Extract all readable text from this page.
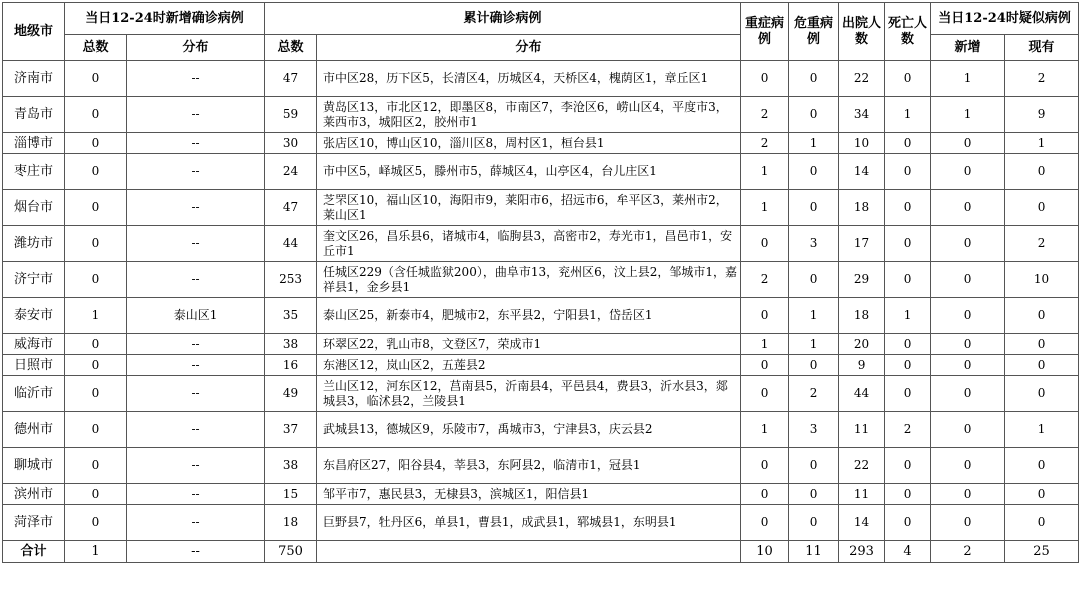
地级市	当日12-24时新增确诊病例		累计确诊病例		重症病例	危重病例	出院人数	死亡人数	当日12-24时疑似病例	
	总数	分布	总数	分布					新增	现有
济南市	0	--	47	市中区28，历下区5，长清区4，历城区4，天桥区4，槐荫区1，章丘区1	0	0	22	0	1	2
青岛市	0	--	59	黄岛区13，市北区12，即墨区8，市南区7，李沧区6，崂山区4，平度市3，莱西市3，城阳区2，胶州市1	2	0	34	1	1	9
淄博市	0	--	30	张店区10，博山区10，淄川区8，周村区1，桓台县1	2	1	10	0	0	1
枣庄市	0	--	24	市中区5，峄城区5，滕州市5，薛城区4，山亭区4，台儿庄区1	1	0	14	0	0	0
烟台市	0	--	47	芝罘区10，福山区10，海阳市9，莱阳市6，招远市6，牟平区3，莱州市2，莱山区1	1	0	18	0	0	0
潍坊市	0	--	44	奎文区26，昌乐县6，诸城市4，临朐县3，高密市2，寿光市1，昌邑市1，安丘市1	0	3	17	0	0	2
济宁市	0	--	253	任城区229（含任城监狱200），曲阜市13，兖州区6，汶上县2，邹城市1，嘉祥县1，金乡县1	2	0	29	0	0	10
泰安市	1	泰山区1	35	泰山区25，新泰市4，肥城市2，东平县2，宁阳县1，岱岳区1	0	1	18	1	0	0
威海市	0	--	38	环翠区22，乳山市8，文登区7，荣成市1	1	1	20	0	0	0
日照市	0	--	16	东港区12，岚山区2，五莲县2	0	0	9	0	0	0
临沂市	0	--	49	兰山区12，河东区12，莒南县5，沂南县4，平邑县4，费县3，沂水县3，郯城县3，临沭县2，兰陵县1	0	2	44	0	0	0
德州市	0	--	37	武城县13，德城区9，乐陵市7，禹城市3，宁津县3，庆云县2	1	3	11	2	0	1
聊城市	0	--	38	东昌府区27，阳谷县4，莘县3，东阿县2，临清市1，冠县1	0	0	22	0	0	0
滨州市	0	--	15	邹平市7，惠民县3，无棣县3，滨城区1，阳信县1	0	0	11	0	0	0
菏泽市	0	--	18	巨野县7，牡丹区6，单县1，曹县1，成武县1，郓城县1，东明县1	0	0	14	0	0	0
合计	1	--	750		10	11	293	4	2	25
